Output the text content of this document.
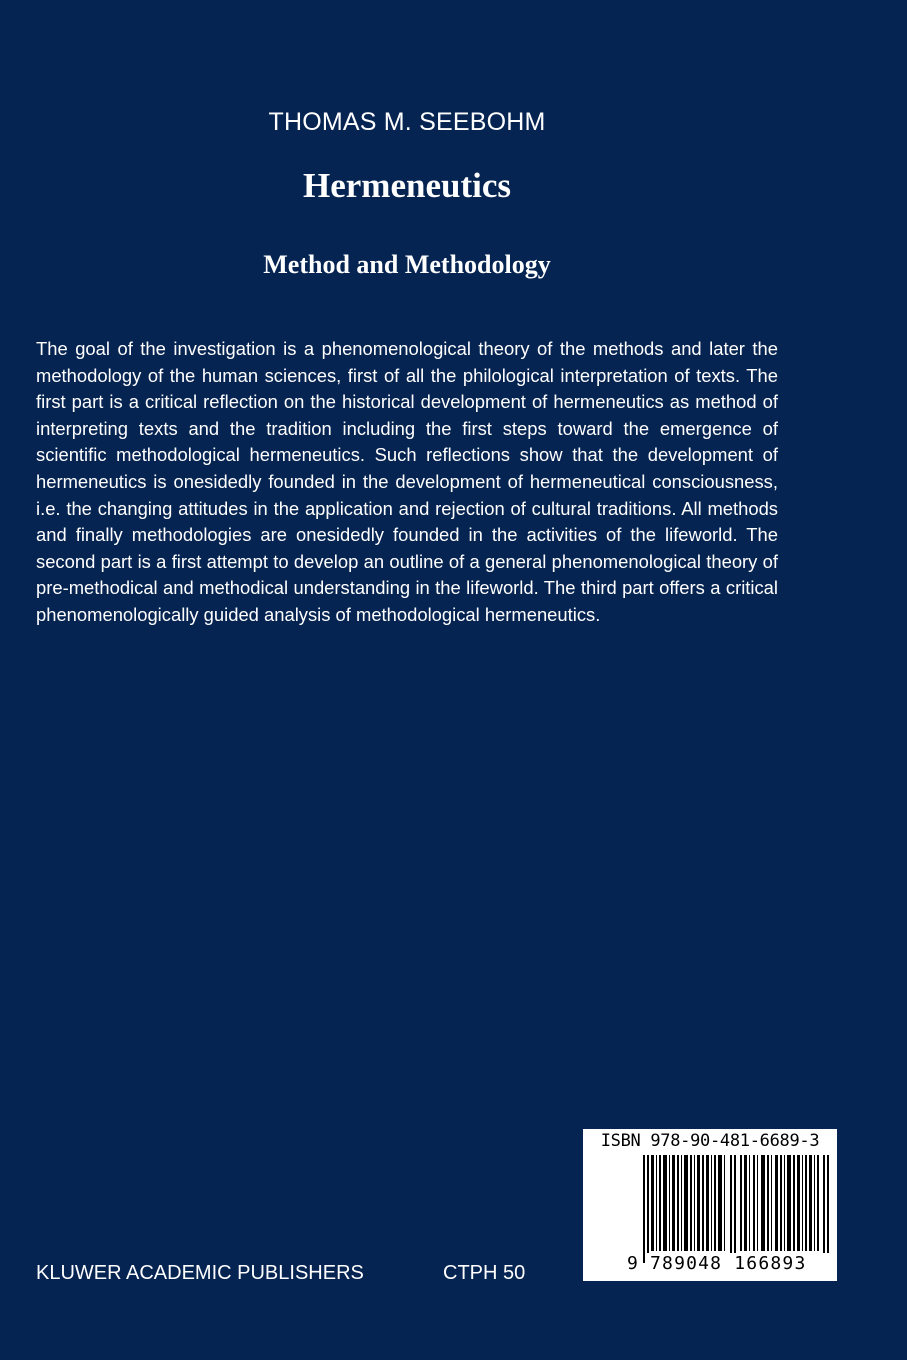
THOMAS M. SEEBOHM
Hermeneutics
Method and Methodology

The goal of the investigation is a phenomenological theory of the methods and later the methodology of the human sciences, first of all the philological interpretation of texts. The first part is a critical reflection on the historical development of hermeneutics as method of interpreting texts and the tradition including the first steps toward the emergence of scientific methodological hermeneutics. Such reflections show that the development of hermeneutics is onesidedly founded in the development of hermeneutical consciousness, i.e. the changing attitudes in the application and rejection of cultural traditions. All methods and finally methodologies are onesidedly founded in the activities of the lifeworld. The second part is a first attempt to develop an outline of a general phenomenological theory of pre-methodical and methodical understanding in the lifeworld. The third part offers a critical phenomenologically guided analysis of methodological hermeneutics.

KLUWER ACADEMIC PUBLISHERS	CTPH 50
ISBN 978-90-481-6689-3
9 789048 166893
